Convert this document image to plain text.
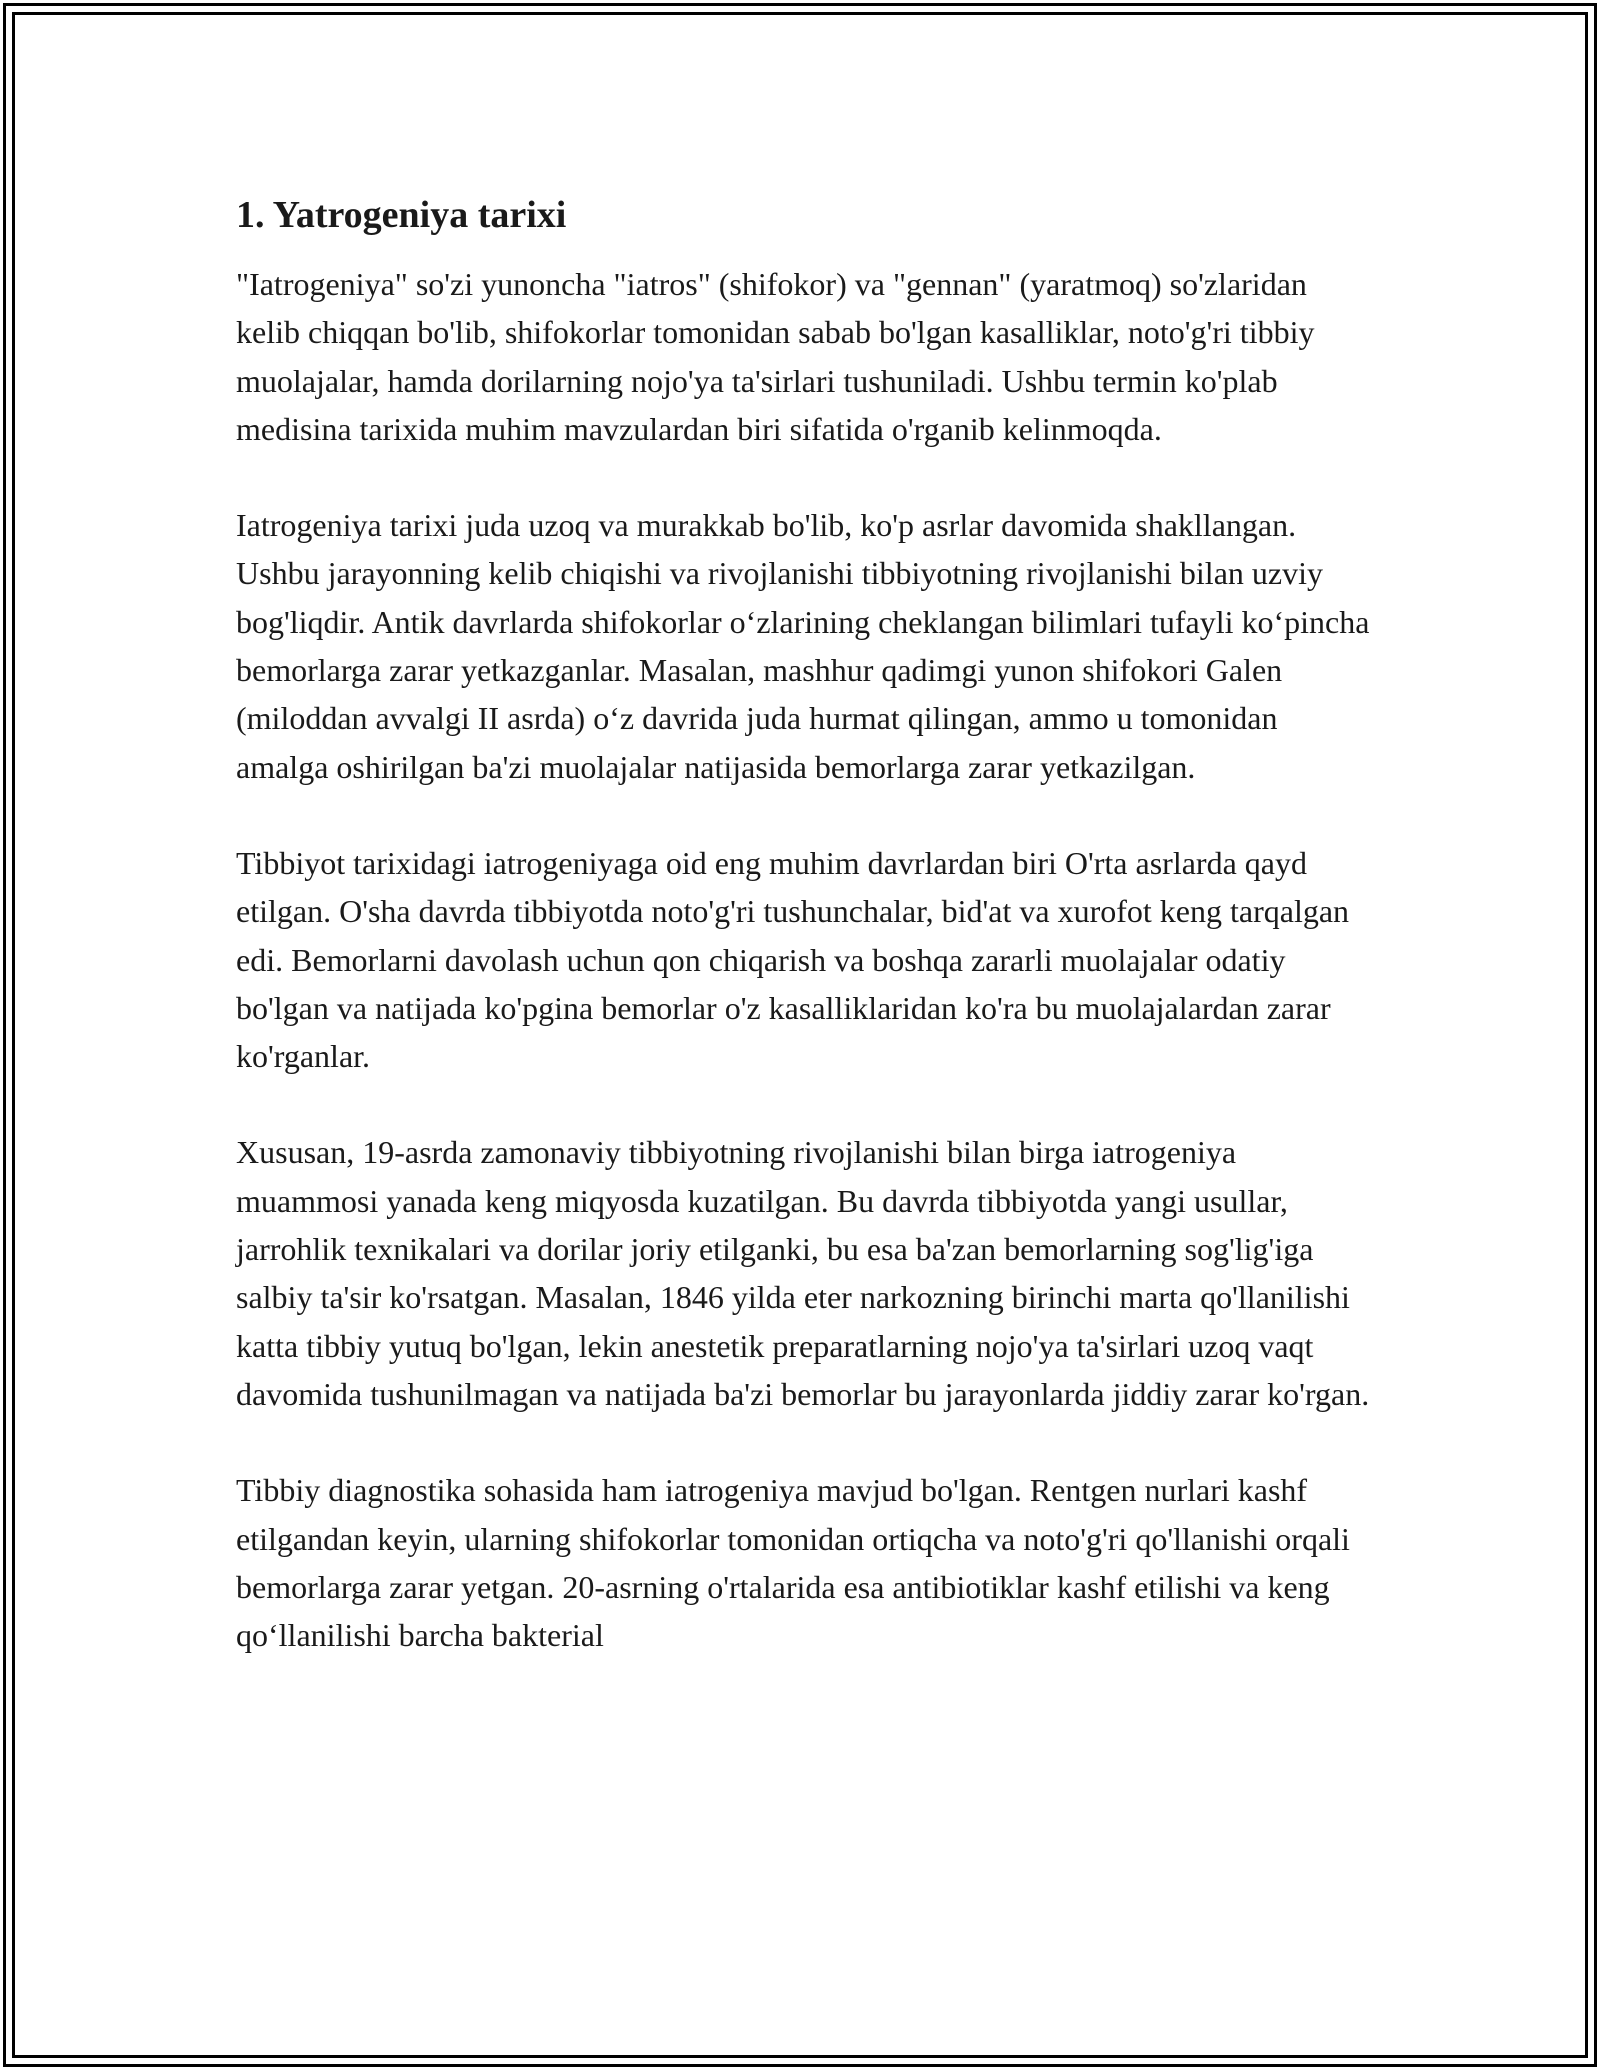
1. Yatrogeniya tarixi

"Iatrogeniya" so'zi yunoncha "iatros" (shifokor) va "gennan" (yaratmoq) so'zlaridan kelib chiqqan bo'lib, shifokorlar tomonidan sabab bo'lgan kasalliklar, noto'g'ri tibbiy muolajalar, hamda dorilarning nojo'ya ta'sirlari tushuniladi. Ushbu termin ko'plab medisina tarixida muhim mavzulardan biri sifatida o'rganib kelinmoqda.

Iatrogeniya tarixi juda uzoq va murakkab bo'lib, ko'p asrlar davomida shakllangan. Ushbu jarayonning kelib chiqishi va rivojlanishi tibbiyotning rivojlanishi bilan uzviy bog'liqdir. Antik davrlarda shifokorlar o‘zlarining cheklangan bilimlari tufayli ko‘pincha bemorlarga zarar yetkazganlar. Masalan, mashhur qadimgi yunon shifokori Galen (miloddan avvalgi II asrda) o‘z davrida juda hurmat qilingan, ammo u tomonidan amalga oshirilgan ba'zi muolajalar natijasida bemorlarga zarar yetkazilgan.

Tibbiyot tarixidagi iatrogeniyaga oid eng muhim davrlardan biri O'rta asrlarda qayd etilgan. O'sha davrda tibbiyotda noto'g'ri tushunchalar, bid'at va xurofot keng tarqalgan edi. Bemorlarni davolash uchun qon chiqarish va boshqa zararli muolajalar odatiy bo'lgan va natijada ko'pgina bemorlar o'z kasalliklaridan ko'ra bu muolajalardan zarar ko'rganlar.

Xususan, 19-asrda zamonaviy tibbiyotning rivojlanishi bilan birga iatrogeniya muammosi yanada keng miqyosda kuzatilgan. Bu davrda tibbiyotda yangi usullar, jarrohlik texnikalari va dorilar joriy etilganki, bu esa ba'zan bemorlarning sog'lig'iga salbiy ta'sir ko'rsatgan. Masalan, 1846 yilda eter narkozning birinchi marta qo'llanilishi katta tibbiy yutuq bo'lgan, lekin anestetik preparatlarning nojo'ya ta'sirlari uzoq vaqt davomida tushunilmagan va natijada ba'zi bemorlar bu jarayonlarda jiddiy zarar ko'rgan.

Tibbiy diagnostika sohasida ham iatrogeniya mavjud bo'lgan. Rentgen nurlari kashf etilgandan keyin, ularning shifokorlar tomonidan ortiqcha va noto'g'ri qo'llanishi orqali bemorlarga zarar yetgan. 20-asrning o'rtalarida esa antibiotiklar kashf etilishi va keng qo‘llanilishi barcha bakterial
